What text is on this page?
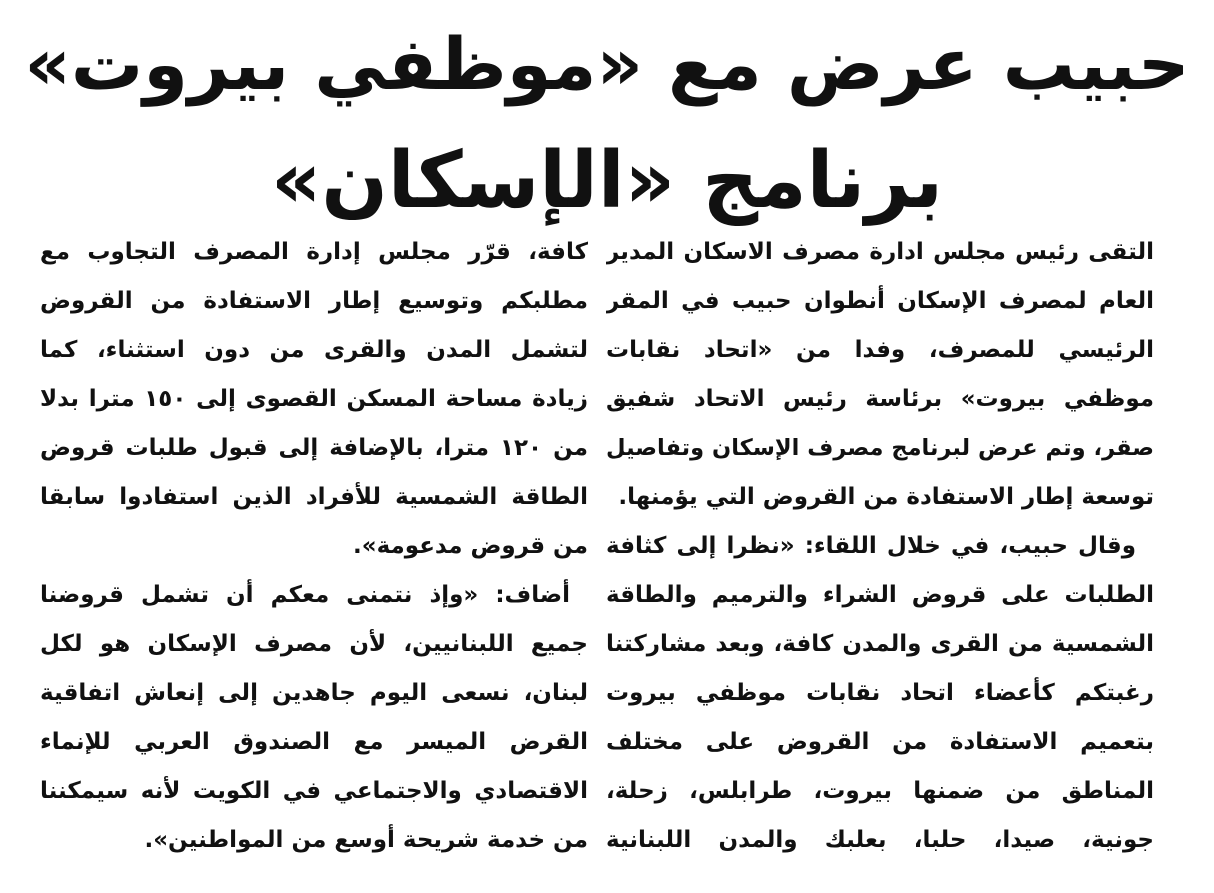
حبيب عرض مع «موظفي بيروت»
برنامج «الإسكان»
التقى رئيس مجلس ادارة مصرف الاسكان المدير
العام لمصرف الإسكان أنطوان حبيب في المقر
الرئيسي للمصرف، وفدا من «اتحاد نقابات
موظفي بيروت» برئاسة رئيس الاتحاد شفيق
صقر، وتم عرض لبرنامج مصرف الإسكان وتفاصيل
توسعة إطار الاستفادة من القروض التي يؤمنها.
وقال حبيب، في خلال اللقاء: «نظرا إلى كثافة
الطلبات على قروض الشراء والترميم والطاقة
الشمسية من القرى والمدن كافة، وبعد مشاركتنا
رغبتكم كأعضاء اتحاد نقابات موظفي بيروت
بتعميم الاستفادة من القروض على مختلف
المناطق من ضمنها بيروت، طرابلس، زحلة،
جونية، صيدا، حلبا، بعلبك والمدن اللبنانية
كافة، قرّر مجلس إدارة المصرف التجاوب مع
مطلبكم وتوسيع إطار الاستفادة من القروض
لتشمل المدن والقرى من دون استثناء، كما
زيادة مساحة المسكن القصوى إلى ١٥٠ مترا بدلا
من ١٢٠ مترا، بالإضافة إلى قبول طلبات قروض
الطاقة الشمسية للأفراد الذين استفادوا سابقا
من قروض مدعومة».
أضاف: «وإذ نتمنى معكم أن تشمل قروضنا
جميع اللبنانيين، لأن مصرف الإسكان هو لكل
لبنان، نسعى اليوم جاهدين إلى إنعاش اتفاقية
القرض الميسر مع الصندوق العربي للإنماء
الاقتصادي والاجتماعي في الكويت لأنه سيمكننا
من خدمة شريحة أوسع من المواطنين».
